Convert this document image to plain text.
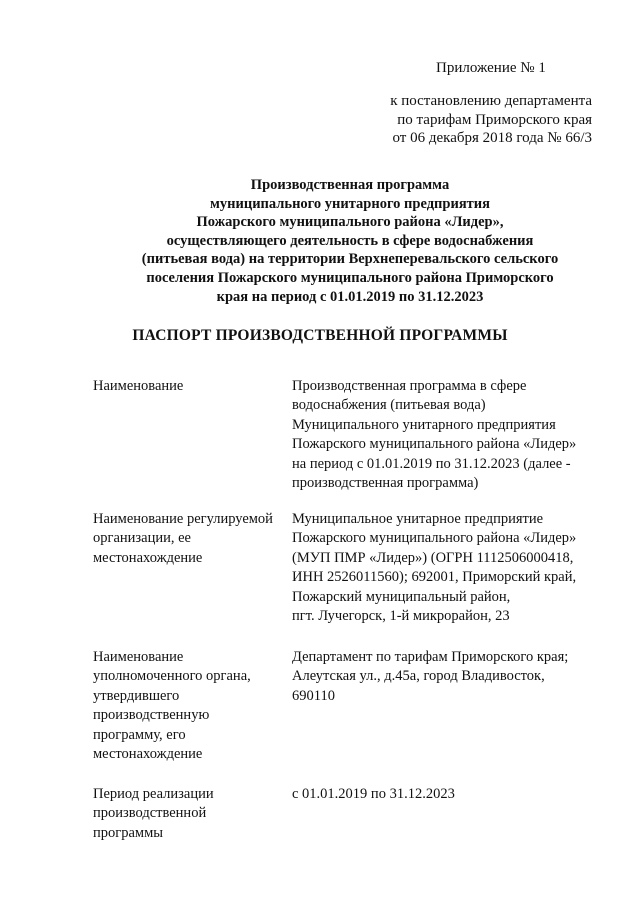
Приложение № 1
к постановлению департамента
по тарифам Приморского края
от 06 декабря 2018 года № 66/3
Производственная программа
муниципального унитарного предприятия
Пожарского муниципального района «Лидер»,
осуществляющего деятельность в сфере водоснабжения
(питьевая вода) на территории Верхнеперевальского сельского
поселения Пожарского муниципального района Приморского
края на период с 01.01.2019 по 31.12.2023
ПАСПОРТ ПРОИЗВОДСТВЕННОЙ ПРОГРАММЫ
Наименование	Производственная программа в сфере
водоснабжения (питьевая вода)
Муниципального унитарного предприятия
Пожарского муниципального района «Лидер»
на период с 01.01.2019 по 31.12.2023 (далее -
производственная программа)
Наименование регулируемой
организации, ее
местонахождение
Муниципальное унитарное предприятие
Пожарского муниципального района «Лидер»
(МУП ПМР «Лидер») (ОГРН 1112506000418,
ИНН 2526011560); 692001, Приморский край,
Пожарский муниципальный район,
пгт. Лучегорск, 1-й микрорайон, 23
Наименование
уполномоченного органа,
утвердившего
производственную
программу, его
местонахождение
Департамент по тарифам Приморского края;
Алеутская ул., д.45а, город Владивосток,
690110
Период реализации
производственной
программы
с 01.01.2019 по 31.12.2023
